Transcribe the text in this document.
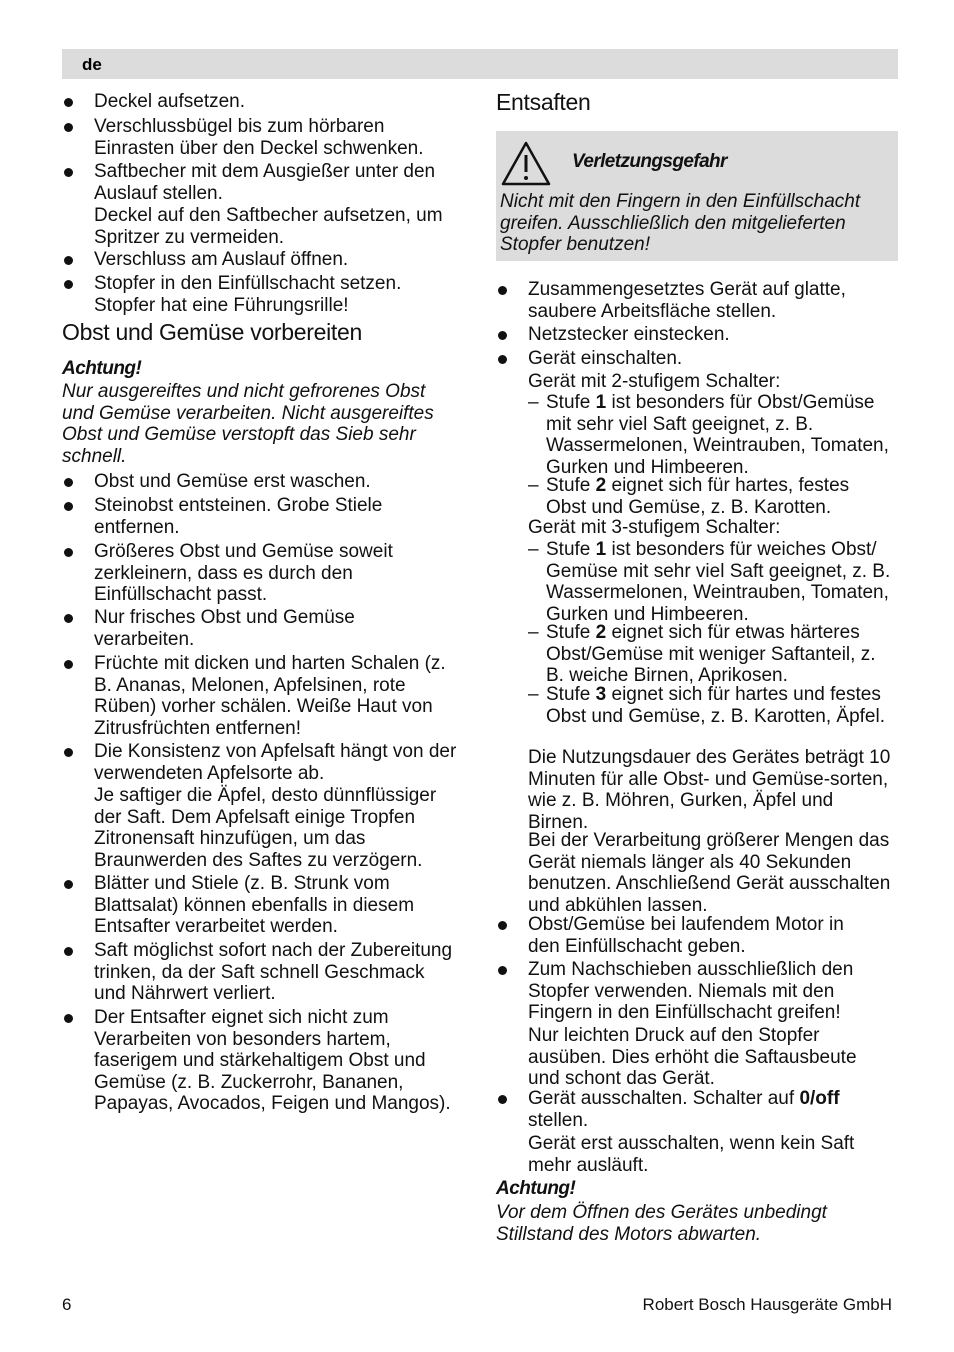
de
Deckel aufsetzen.
Verschlussbügel bis zum hörbaren Einrasten über den Deckel schwenken.
Saftbecher mit dem Ausgießer unter den Auslauf stellen.
Deckel auf den Saftbecher aufsetzen, um Spritzer zu vermeiden.
Verschluss am Auslauf öffnen.
Stopfer in den Einfüllschacht setzen. Stopfer hat eine Führungsrille!
Obst und Gemüse vorbereiten
Achtung!
Nur ausgereiftes und nicht gefrorenes Obst und Gemüse verarbeiten. Nicht ausgereiftes Obst und Gemüse verstopft das Sieb sehr schnell.
Obst und Gemüse erst waschen.
Steinobst entsteinen. Grobe Stiele entfernen.
Größeres Obst und Gemüse soweit zerkleinern, dass es durch den Einfüllschacht passt.
Nur frisches Obst und Gemüse verarbeiten.
Früchte mit dicken und harten Schalen (z. B. Ananas, Melonen, Apfelsinen, rote Rüben) vorher schälen. Weiße Haut von Zitrusfrüchten entfernen!
Die Konsistenz von Apfelsaft hängt von der verwendeten Apfelsorte ab.
Je saftiger die Äpfel, desto dünnflüssiger der Saft. Dem Apfelsaft einige Tropfen Zitronensaft hinzufügen, um das Braunwerden des Saftes zu verzögern.
Blätter und Stiele (z. B. Strunk vom Blattsalat) können ebenfalls in diesem Entsafter verarbeitet werden.
Saft möglichst sofort nach der Zubereitung trinken, da der Saft schnell Geschmack und Nährwert verliert.
Der Entsafter eignet sich nicht zum Verarbeiten von besonders hartem, faserigem und stärkehaltigem Obst und Gemüse (z. B. Zuckerrohr, Bananen, Papayas, Avocados, Feigen und Mangos).
Entsaften
Verletzungsgefahr
Nicht mit den Fingern in den Einfüllschacht greifen. Ausschließlich den mitgelieferten Stopfer benutzen!
Zusammengesetztes Gerät auf glatte, saubere Arbeitsfläche stellen.
Netzstecker einstecken.
Gerät einschalten.
Gerät mit 2-stufigem Schalter:
– Stufe 1 ist besonders für Obst/Gemüse mit sehr viel Saft geeignet, z. B. Wassermelonen, Weintrauben, Tomaten, Gurken und Himbeeren.
– Stufe 2 eignet sich für hartes, festes Obst und Gemüse, z. B. Karotten.
Gerät mit 3-stufigem Schalter:
– Stufe 1 ist besonders für weiches Obst/ Gemüse mit sehr viel Saft geeignet, z. B. Wassermelonen, Weintrauben, Tomaten, Gurken und Himbeeren.
– Stufe 2 eignet sich für etwas härteres Obst/Gemüse mit weniger Saftanteil, z. B. weiche Birnen, Aprikosen.
– Stufe 3 eignet sich für hartes und festes Obst und Gemüse, z. B. Karotten, Äpfel.
Die Nutzungsdauer des Gerätes beträgt 10 Minuten für alle Obst- und Gemüse-sorten, wie z. B. Möhren, Gurken, Äpfel und Birnen.
Bei der Verarbeitung größerer Mengen das Gerät niemals länger als 40 Sekunden benutzen. Anschließend Gerät ausschalten und abkühlen lassen.
Obst/Gemüse bei laufendem Motor in den Einfüllschacht geben.
Zum Nachschieben ausschließlich den Stopfer verwenden. Niemals mit den Fingern in den Einfüllschacht greifen!
Nur leichten Druck auf den Stopfer ausüben. Dies erhöht die Saftausbeute und schont das Gerät.
Gerät ausschalten. Schalter auf 0/off stellen.
Gerät erst ausschalten, wenn kein Saft mehr ausläuft.
Achtung!
Vor dem Öffnen des Gerätes unbedingt Stillstand des Motors abwarten.
6	Robert Bosch Hausgeräte GmbH
